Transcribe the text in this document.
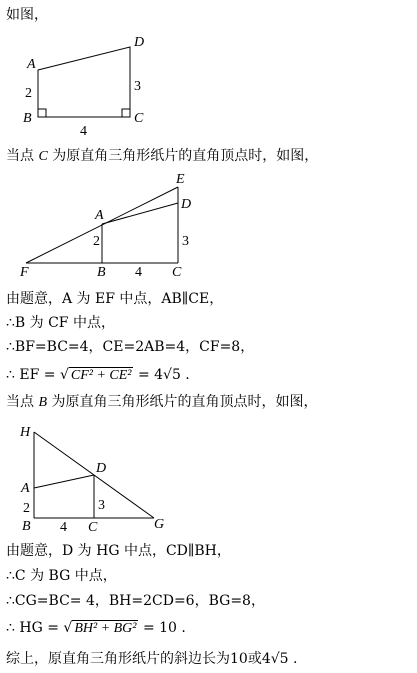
如图，
A
D
B	C
2	3
4
E
D
A
2	3
F	B 4 C
H
D
A
2	3
B 4 C	G
当点 C 为原直角三角形纸片的直角顶点时，如图，
由题意，A 为 EF 中点，AB∥CE，
∴B 为 CF 中点，
∴BF=BC=4，CE=2AB=4，CF=8，
∴ EF = √ CF² + CE² = 4√5 .
当点 B 为原直角三角形纸片的直角顶点时，如图，
由题意，D 为 HG 中点，CD∥BH，
∴C 为 BG 中点，
∴CG=BC= 4，BH=2CD=6，BG=8，
∴ HG = √ BH² + BG² = 10 .
综上，原直角三角形纸片的斜边长为10或4√5 .
